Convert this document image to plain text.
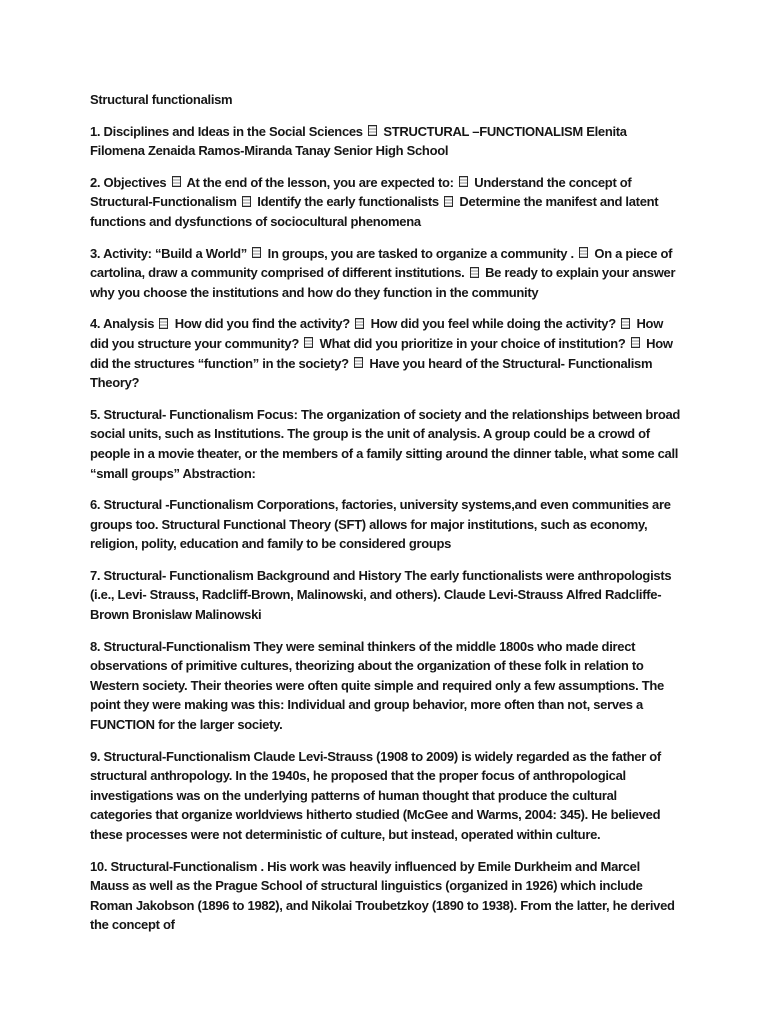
Structural functionalism

1. Disciplines and Ideas in the Social Sciences  STRUCTURAL –FUNCTIONALISM Elenita Filomena Zenaida Ramos-Miranda Tanay Senior High School

2. Objectives  At the end of the lesson, you are expected to:  Understand the concept of Structural-Functionalism  Identify the early functionalists  Determine the manifest and latent functions and dysfunctions of sociocultural phenomena

3. Activity: “Build a World”  In groups, you are tasked to organize a community .  On a piece of cartolina, draw a community comprised of different institutions.  Be ready to explain your answer why you choose the institutions and how do they function in the community

4. Analysis  How did you find the activity?  How did you feel while doing the activity?  How did you structure your community?  What did you prioritize in your choice of institution?  How did the structures “function” in the society?  Have you heard of the Structural- Functionalism Theory?

5. Structural- Functionalism Focus: The organization of society and the relationships between broad social units, such as Institutions. The group is the unit of analysis. A group could be a crowd of people in a movie theater, or the members of a family sitting around the dinner table, what some call “small groups” Abstraction:

6. Structural -Functionalism Corporations, factories, university systems,and even communities are groups too. Structural Functional Theory (SFT) allows for major institutions, such as economy, religion, polity, education and family to be considered groups

7. Structural- Functionalism Background and History The early functionalists were anthropologists (i.e., Levi- Strauss, Radcliff-Brown, Malinowski, and others). Claude Levi-Strauss Alfred Radcliffe-Brown Bronislaw Malinowski

8. Structural-Functionalism They were seminal thinkers of the middle 1800s who made direct observations of primitive cultures, theorizing about the organization of these folk in relation to Western society. Their theories were often quite simple and required only a few assumptions. The point they were making was this: Individual and group behavior, more often than not, serves a FUNCTION for the larger society.

9. Structural-Functionalism Claude Levi-Strauss (1908 to 2009) is widely regarded as the father of structural anthropology. In the 1940s, he proposed that the proper focus of anthropological investigations was on the underlying patterns of human thought that produce the cultural categories that organize worldviews hitherto studied (McGee and Warms, 2004: 345). He believed these processes were not deterministic of culture, but instead, operated within culture.

10. Structural-Functionalism . His work was heavily influenced by Emile Durkheim and Marcel Mauss as well as the Prague School of structural linguistics (organized in 1926) which include Roman Jakobson (1896 to 1982), and Nikolai Troubetzkoy (1890 to 1938). From the latter, he derived the concept of
